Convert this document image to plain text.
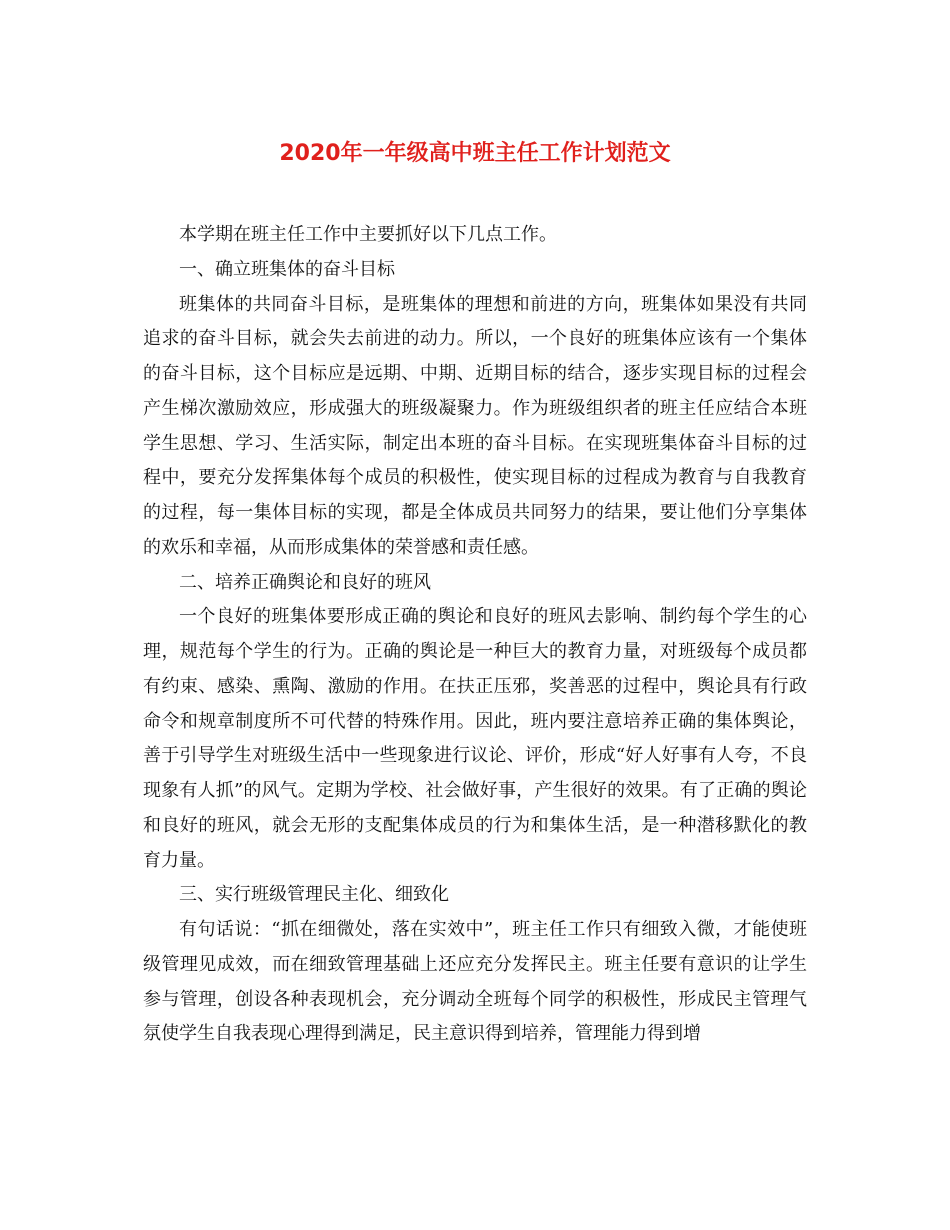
2020年一年级高中班主任工作计划范文

本学期在班主任工作中主要抓好以下几点工作。

一、确立班集体的奋斗目标

班集体的共同奋斗目标，是班集体的理想和前进的方向，班集体如果没有共同追求的奋斗目标，就会失去前进的动力。所以，一个良好的班集体应该有一个集体的奋斗目标，这个目标应是远期、中期、近期目标的结合，逐步实现目标的过程会产生梯次激励效应，形成强大的班级凝聚力。作为班级组织者的班主任应结合本班学生思想、学习、生活实际，制定出本班的奋斗目标。在实现班集体奋斗目标的过程中，要充分发挥集体每个成员的积极性，使实现目标的过程成为教育与自我教育的过程，每一集体目标的实现，都是全体成员共同努力的结果，要让他们分享集体的欢乐和幸福，从而形成集体的荣誉感和责任感。

二、培养正确舆论和良好的班风

一个良好的班集体要形成正确的舆论和良好的班风去影响、制约每个学生的心理，规范每个学生的行为。正确的舆论是一种巨大的教育力量，对班级每个成员都有约束、感染、熏陶、激励的作用。在扶正压邪，奖善恶的过程中，舆论具有行政命令和规章制度所不可代替的特殊作用。因此，班内要注意培养正确的集体舆论，善于引导学生对班级生活中一些现象进行议论、评价，形成“好人好事有人夸，不良现象有人抓”的风气。定期为学校、社会做好事，产生很好的效果。有了正确的舆论和良好的班风，就会无形的支配集体成员的行为和集体生活，是一种潜移默化的教育力量。

三、实行班级管理民主化、细致化

有句话说：“抓在细微处，落在实效中”，班主任工作只有细致入微，才能使班级管理见成效，而在细致管理基础上还应充分发挥民主。班主任要有意识的让学生参与管理，创设各种表现机会，充分调动全班每个同学的积极性，形成民主管理气氛使学生自我表现心理得到满足，民主意识得到培养，管理能力得到增
